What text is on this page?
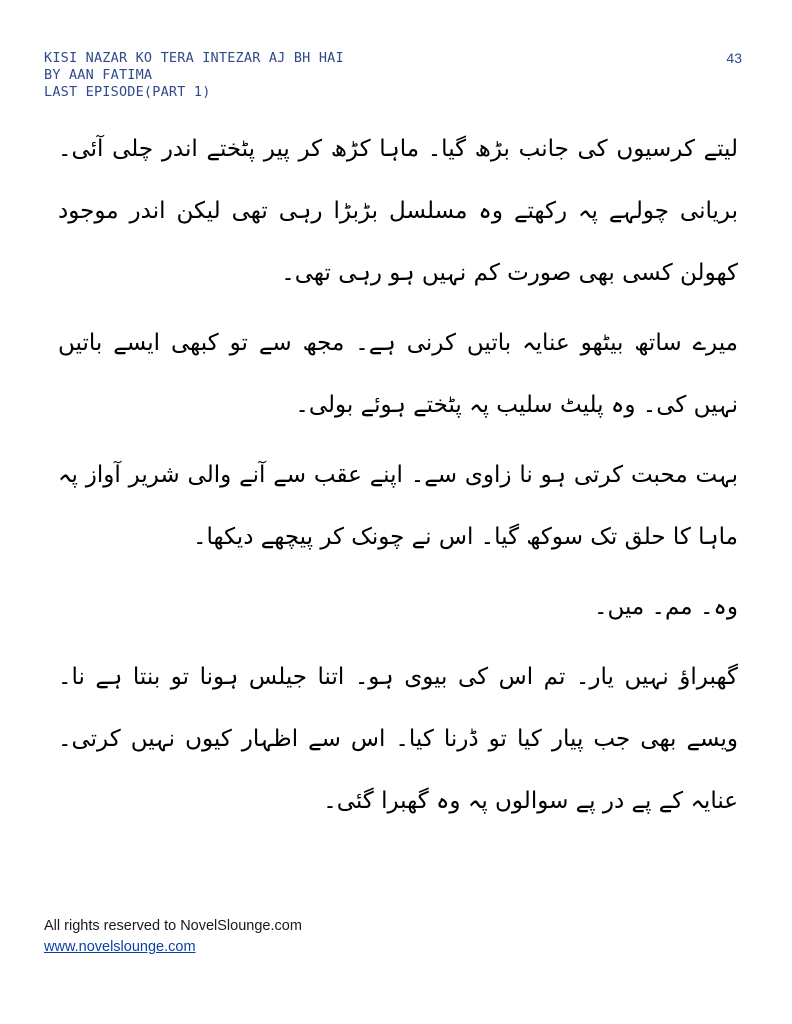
KISI NAZAR KO TERA INTEZAR AJ BH HAI
BY AAN FATIMA
LAST EPISODE(PART 1)
43

لیتے کرسیوں کی جانب بڑھ گیا۔ ماہا کڑھ کر پیر پٹختے اندر چلی آئی۔ بریانی چولہے پہ رکھتے وہ مسلسل بڑبڑا رہی تھی لیکن اندر موجود کھولن کسی بھی صورت کم نہیں ہو رہی تھی۔

میرے ساتھ بیٹھو عنایہ باتیں کرنی ہے۔ مجھ سے تو کبھی ایسے باتیں نہیں کی۔ وہ پلیٹ سلیب پہ پٹختے ہوئے بولی۔

بہت محبت کرتی ہو نا زاوی سے۔ اپنے عقب سے آنے والی شریر آواز پہ ماہا کا حلق تک سوکھ گیا۔ اس نے چونک کر پیچھے دیکھا۔

وہ۔ مم۔ میں۔

گھبراؤ نہیں یار۔ تم اس کی بیوی ہو۔ اتنا جیلس ہونا تو بنتا ہے نا۔ ویسے بھی جب پیار کیا تو ڈرنا کیا۔ اس سے اظہار کیوں نہیں کرتی۔ عنایہ کے پے در پے سوالوں پہ وہ گھبرا گئی۔

All rights reserved to NovelSlounge.com
www.novelslounge.com
